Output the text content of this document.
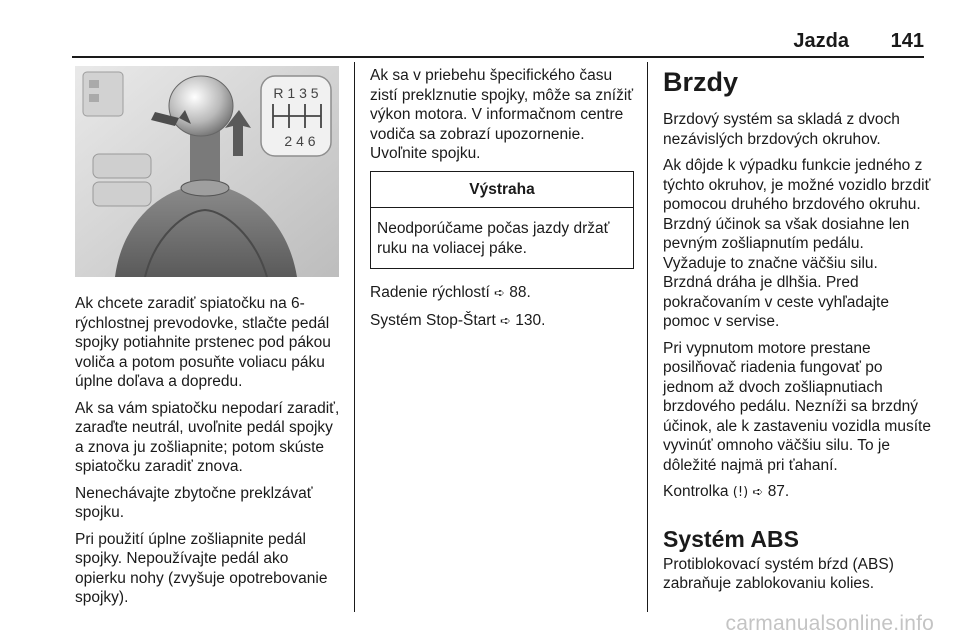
Jazda 141
R 1 3 5
2 4 6

Ak chcete zaradiť spiatočku na 6-rýchlostnej prevodovke, stlačte pedál spojky potiahnite prstenec pod pákou voliča a potom posuňte voliacu páku úplne doľava a dopredu.

Ak sa vám spiatočku nepodarí zaradiť, zaraďte neutrál, uvoľnite pedál spojky a znova ju zošliapnite; potom skúste spiatočku zaradiť znova.

Nenechávajte zbytočne preklzávať spojku.

Pri použití úplne zošliapnite pedál spojky. Nepoužívajte pedál ako opierku nohy (zvyšuje opotrebovanie spojky).

Ak sa v priebehu špecifického času zistí preklznutie spojky, môže sa znížiť výkon motora. V informačnom centre vodiča sa zobrazí upozornenie. Uvoľnite spojku.

Výstraha
Neodporúčame počas jazdy držať ruku na voliacej páke.

Radenie rýchlostí ➪ 88.

Systém Stop-Štart ➪ 130.

Brzdy

Brzdový systém sa skladá z dvoch nezávislých brzdových okruhov.

Ak dôjde k výpadku funkcie jedného z týchto okruhov, je možné vozidlo brzdiť pomocou druhého brzdového okruhu. Brzdný účinok sa však dosiahne len pevným zošliapnutím pedálu. Vyžaduje to značne väčšiu silu. Brzdná dráha je dlhšia. Pred pokračovaním v ceste vyhľadajte pomoc v servise.

Pri vypnutom motore prestane posilňovač riadenia fungovať po jednom až dvoch zošliapnutiach brzdového pedálu. Nezníži sa brzdný účinok, ale k zastaveniu vozidla musíte vyvinúť omnoho väčšiu silu. To je dôležité najmä pri ťahaní.

Kontrolka (!) ➪ 87.

Systém ABS

Protiblokovací systém bŕzd (ABS) zabraňuje zablokovaniu kolies.

carmanualsonline.info
